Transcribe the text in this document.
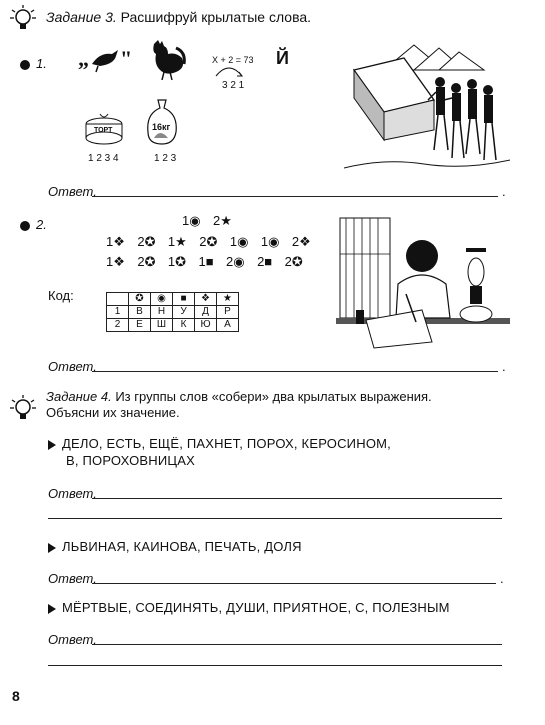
Задание 3. Расшифруй крылатые слова.
1. „ "	Х + 2 = 73 Й
3 2 1
ТОРТ
1 2 3 4
16кг
1 2 3
Ответ.	.
2.	1◉ 2★
1❖ 2✪ 1★ 2✪ 1◉ 1◉ 2❖
1❖ 2✪ 1✪ 1■ 2◉ 2■ 2✪
Код:
		✪	◉	■	❖	★
1	В	Н	У	Д	Р
2	Е	Ш	К	Ю	А
Ответ.	.
Задание 4. Из группы слов «собери» два крылатых выражения.
Объясни их значение.
ДЕЛО, ЕСТЬ, ЕЩЁ, ПАХНЕТ, ПОРОХ, КЕРОСИНОМ,
В, ПОРОХОВНИЦАХ
Ответ.
ЛЬВИНАЯ, КАИНОВА, ПЕЧАТЬ, ДОЛЯ
Ответ.	.
МЁРТВЫЕ, СОЕДИНЯТЬ, ДУШИ, ПРИЯТНОЕ, С, ПОЛЕЗНЫМ
Ответ.
8
